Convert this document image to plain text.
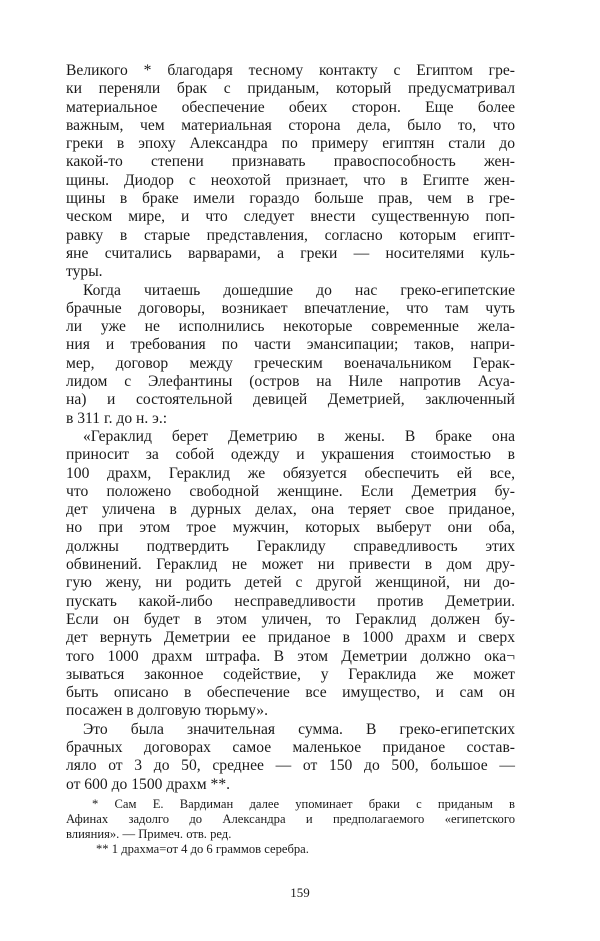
Великого * благодаря тесному контакту с Египтом гре-
ки переняли брак с приданым, который предусматривал
материальное обеспечение обеих сторон. Еще более
важным, чем материальная сторона дела, было то, что
греки в эпоху Александра по примеру египтян стали до
какой-то степени признавать правоспособность жен-
щины. Диодор с неохотой признает, что в Египте жен-
щины в браке имели гораздо больше прав, чем в гре-
ческом мире, и что следует внести существенную поп-
равку в старые представления, согласно которым египт-
яне считались варварами, а греки — носителями куль-
туры.
Когда читаешь дошедшие до нас греко-египетские
брачные договоры, возникает впечатление, что там чуть
ли уже не исполнились некоторые современные жела-
ния и требования по части эмансипации; таков, напри-
мер, договор между греческим военачальником Герак-
лидом с Элефантины (остров на Ниле напротив Асуа-
на) и состоятельной девицей Деметрией, заключенный
в 311 г. до н. э.:
«Гераклид берет Деметрию в жены. В браке она
приносит за собой одежду и украшения стоимостью в
100 драхм, Гераклид же обязуется обеспечить ей все,
что положено свободной женщине. Если Деметрия бу-
дет уличена в дурных делах, она теряет свое приданое,
но при этом трое мужчин, которых выберут они оба,
должны подтвердить Гераклиду справедливость этих
обвинений. Гераклид не может ни привести в дом дру-
гую жену, ни родить детей с другой женщиной, ни до-
пускать какой-либо несправедливости против Деметрии.
Если он будет в этом уличен, то Гераклид должен бу-
дет вернуть Деметрии ее приданое в 1000 драхм и сверх
того 1000 драхм штрафа. В этом Деметрии должно ока¬
зываться законное содействие, у Гераклида же может
быть описано в обеспечение все имущество, и сам он
посажен в долговую тюрьму».
Это была значительная сумма. В греко-египетских
брачных договорах самое маленькое приданое состав-
ляло от 3 до 50, среднее — от 150 до 500, большое —
от 600 до 1500 драхм **.
* Сам Е. Вардиман далее упоминает браки с приданым в
Афинах задолго до Александра и предполагаемого «египетского
влияния». — Примеч. отв. ред.
** 1 драхма=от 4 до 6 граммов серебра.
159
